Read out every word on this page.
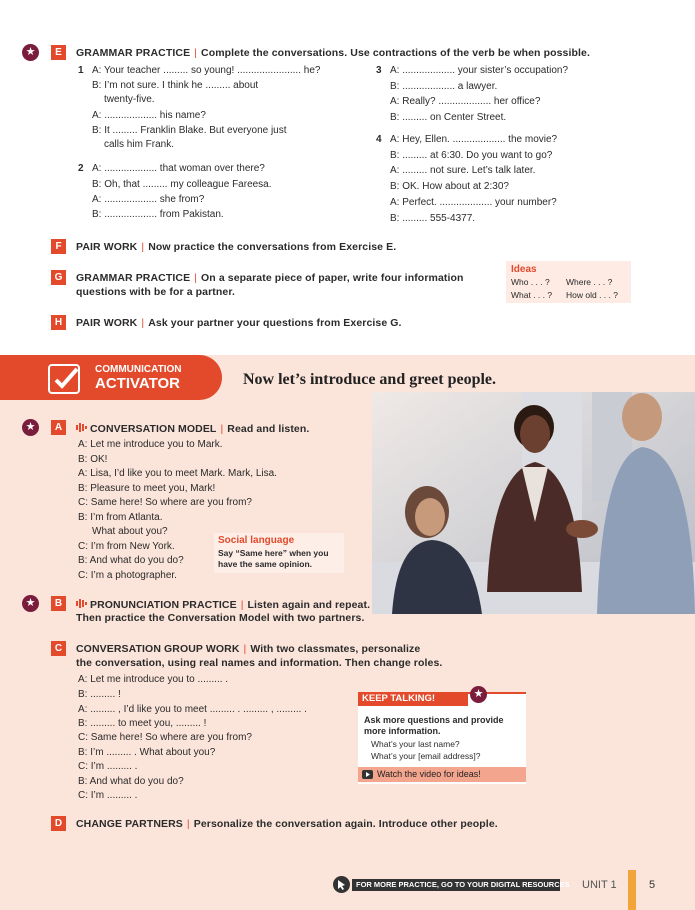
★	E	GRAMMAR PRACTICE | Complete the conversations. Use contractions of the verb be when possible.
1 A: Your teacher ......... so young! ....................... he?
B: I’m not sure. I think he ......... about
twenty-five.
A: ................... his name?
B: It ......... Franklin Blake. But everyone just
calls him Frank.
2 A: ................... that woman over there?
B: Oh, that ......... my colleague Fareesa.
A: ................... she from?
B: ................... from Pakistan.
3 A: ................... your sister’s occupation?
B: ................... a lawyer.
A: Really? ................... her office?
B: ......... on Center Street.
4 A: Hey, Ellen. ................... the movie?
B: ......... at 6:30. Do you want to go?
A: ......... not sure. Let’s talk later.
B: OK. How about at 2:30?
A: Perfect. ................... your number?
B: ......... 555-4377.
F	PAIR WORK | Now practice the conversations from Exercise E.
G	GRAMMAR PRACTICE | On a separate piece of paper, write four information
questions with be for a partner.
Ideas
Who . . . ? Where . . . ?
What . . . ? How old . . . ?
H	PAIR WORK | Ask your partner your questions from Exercise G.
COMMUNICATION
ACTIVATOR	Now let’s introduce and greet people.
★	A	CONVERSATION MODEL | Read and listen.
A: Let me introduce you to Mark.
B: OK!
A: Lisa, I’d like you to meet Mark. Mark, Lisa.
B: Pleasure to meet you, Mark!
C: Same here! So where are you from?
B: I’m from Atlanta.
What about you?
C: I’m from New York.
B: And what do you do?
C: I’m a photographer.
Social language
Say “Same here” when you
have the same opinion.
★	B	PRONUNCIATION PRACTICE | Listen again and repeat.
Then practice the Conversation Model with two partners.
C	CONVERSATION GROUP WORK | With two classmates, personalize
the conversation, using real names and information. Then change roles.
A: Let me introduce you to ......... .
B: ......... !
A: ......... , I’d like you to meet ......... . ......... , ......... .
B: ......... to meet you, ......... !
C: Same here! So where are you from?
B: I’m ......... . What about you?
C: I’m ......... .
B: And what do you do?
C: I’m ......... .
KEEP TALKING!	★
Ask more questions and provide
more information.
What’s your last name?
What’s your [email address]?
Watch the video for ideas!
D	CHANGE PARTNERS | Personalize the conversation again. Introduce other people.
FOR MORE PRACTICE, GO TO YOUR DIGITAL RESOURCES UNIT 1	5
